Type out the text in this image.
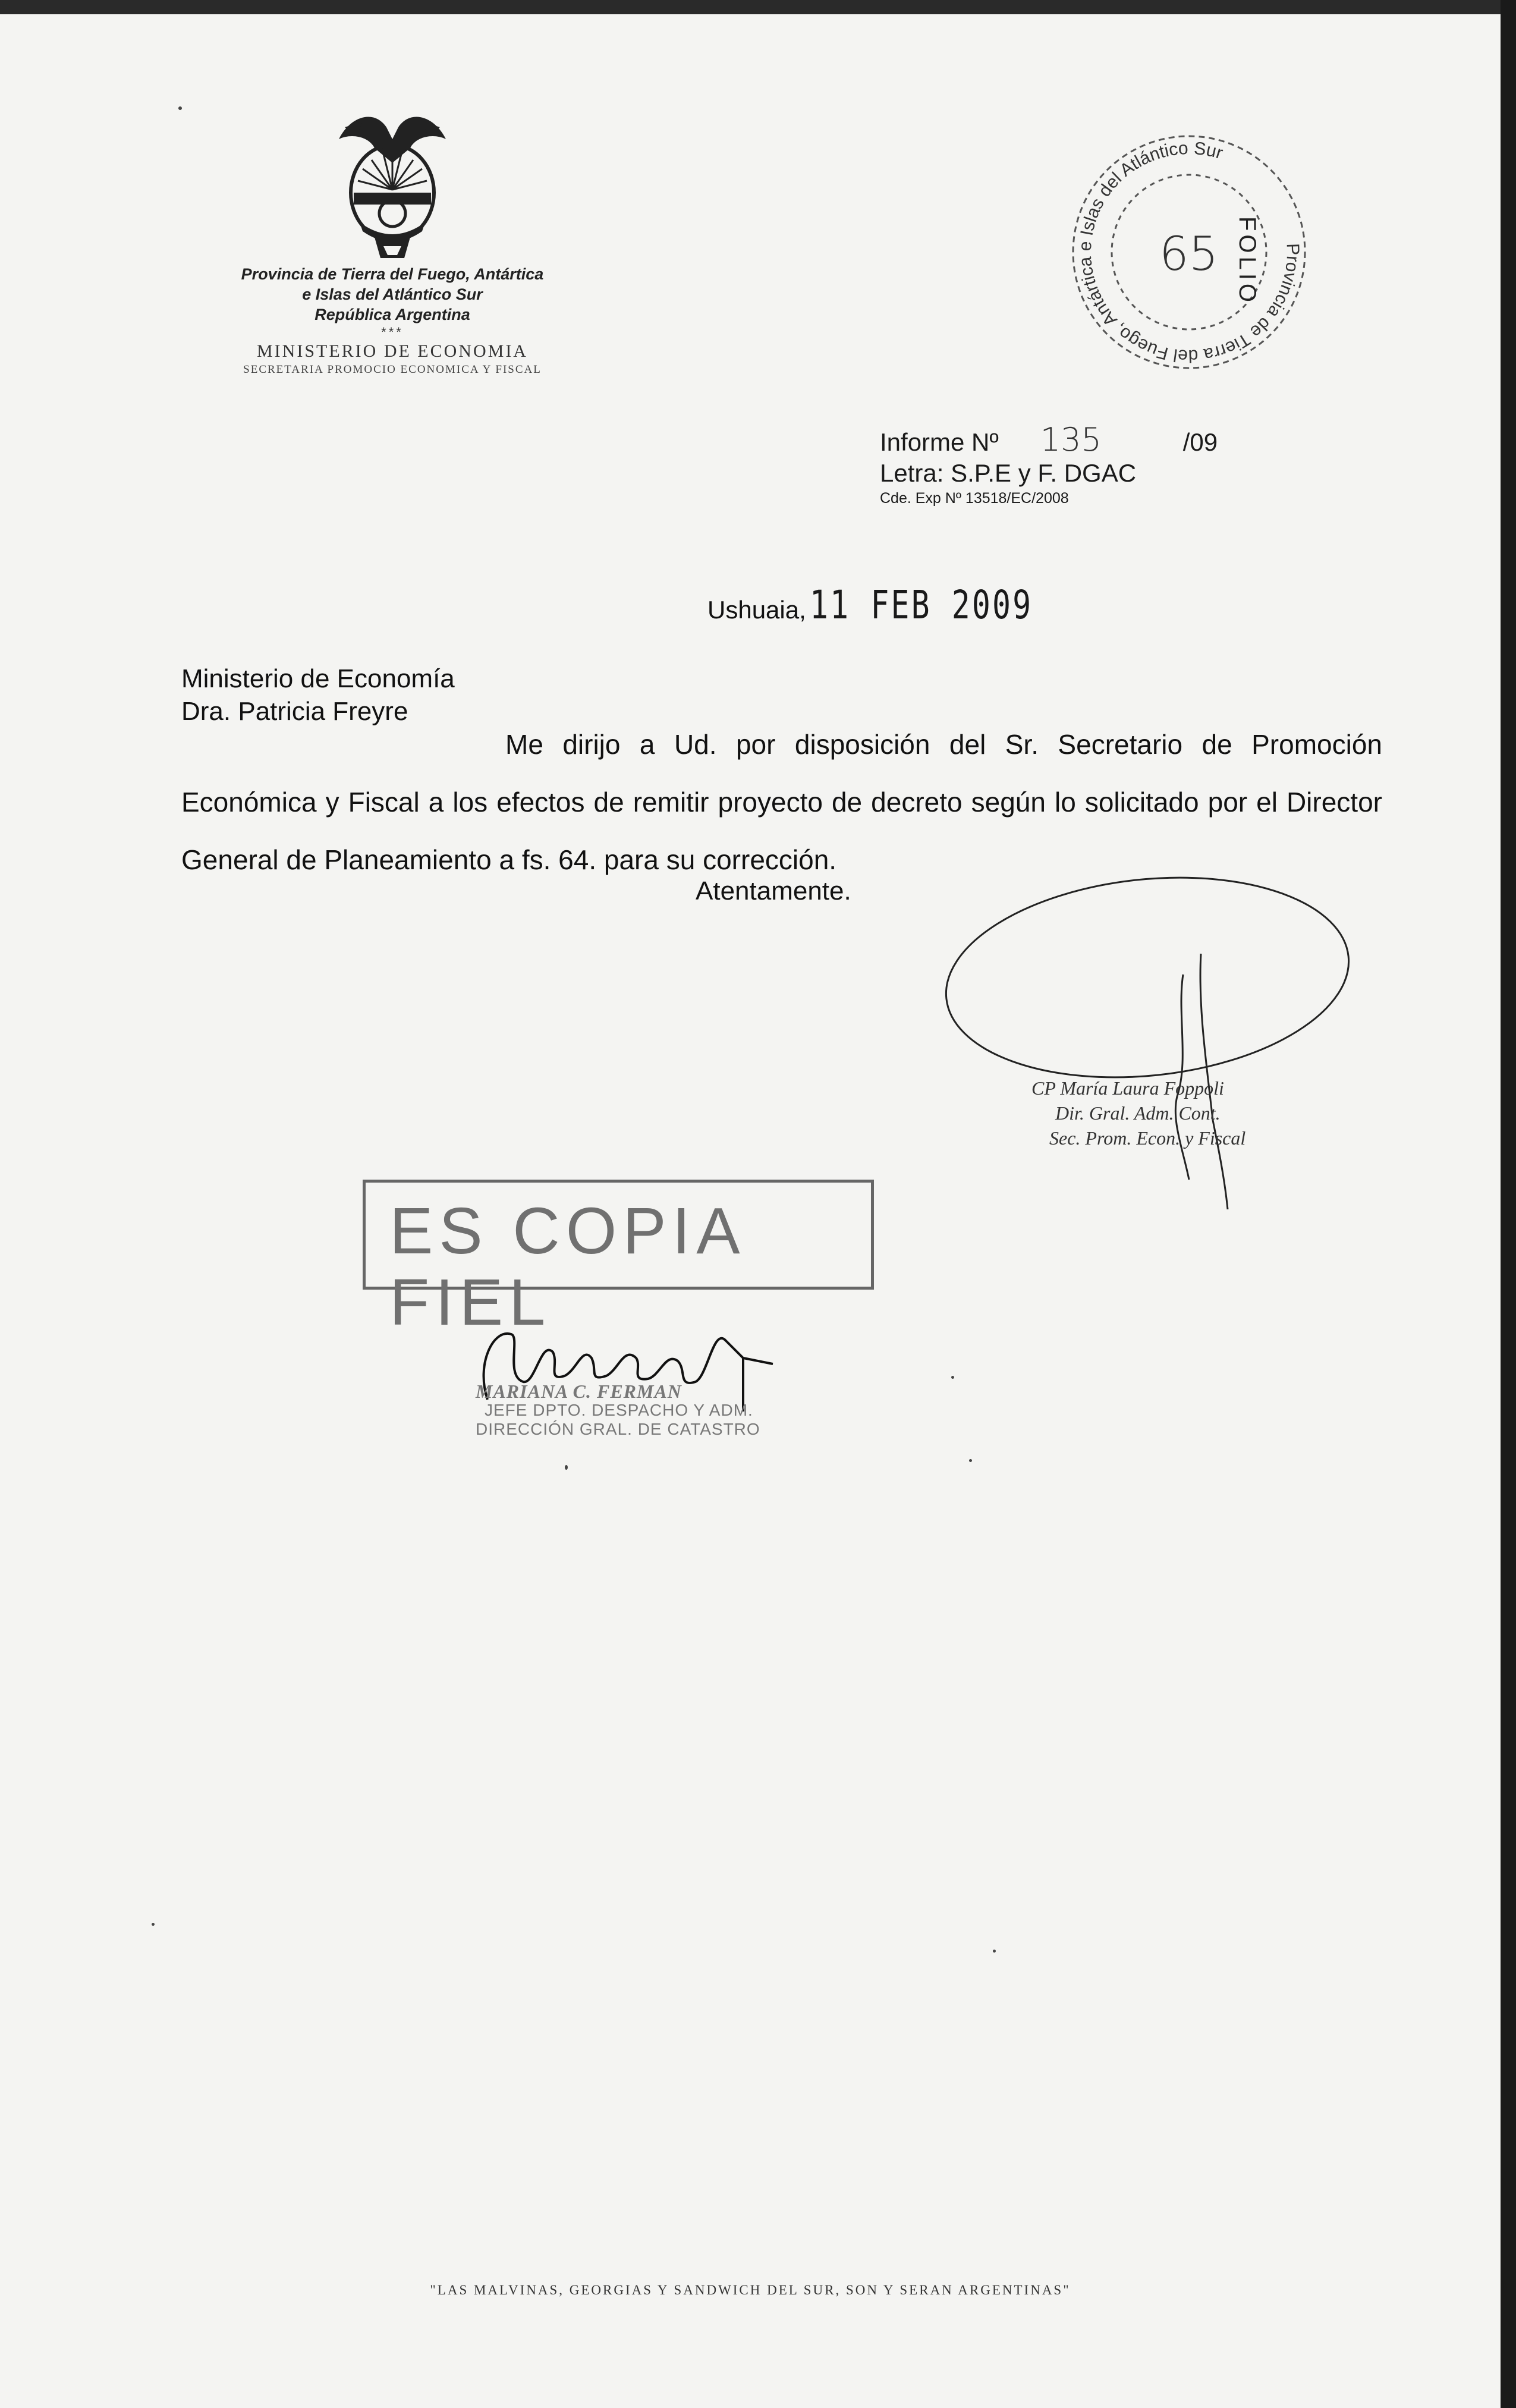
Provincia de Tierra del Fuego, Antártica

e Islas del Atlántico Sur

República Argentina

***
MINISTERIO DE ECONOMIA
SECRETARIA PROMOCIO ECONOMICA Y FISCAL
Provincia de Tierra del Fuego, Antártica e Islas del Atlántico Sur
FOLIO
65
Informe Nº 135	/09
Letra: S.P.E y F. DGAC
Cde. Exp Nº 13518/EC/2008
Ushuaia,11 FEB 2009
Ministerio de Economía
Dra. Patricia Freyre
Me dirijo a Ud. por disposición del Sr. Secretario de Promoción Económica y Fiscal a los efectos de remitir proyecto de decreto según lo solicitado por el Director General de Planeamiento a fs. 64. para su corrección.
Atentamente.
CP María Laura Foppoli
Dir. Gral. Adm. Cont.
Sec. Prom. Econ. y Fiscal
ES COPIA FIEL
MARIANA C. FERMAN
JEFE DPTO. DESPACHO Y ADM.
DIRECCIÓN GRAL. DE CATASTRO
"LAS MALVINAS, GEORGIAS Y SANDWICH DEL SUR, SON Y SERAN ARGENTINAS"
